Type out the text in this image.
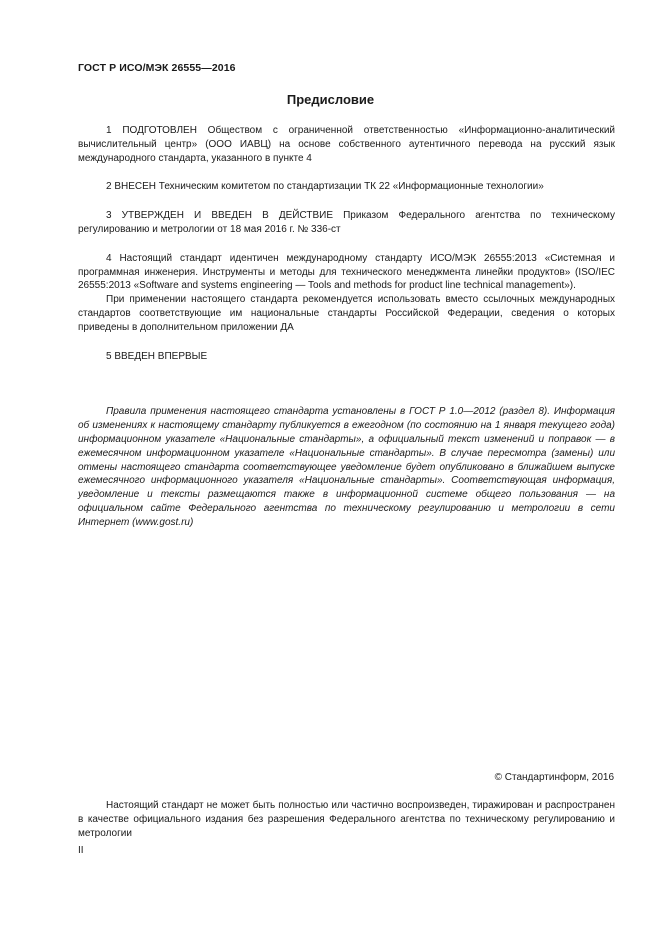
ГОСТ Р ИСО/МЭК 26555—2016
Предисловие

1 ПОДГОТОВЛЕН Обществом с ограниченной ответственностью «Информационно-аналитический вычислительный центр» (ООО ИАВЦ) на основе собственного аутентичного перевода на русский язык международного стандарта, указанного в пункте 4

2 ВНЕСЕН Техническим комитетом по стандартизации ТК 22 «Информационные технологии»

3 УТВЕРЖДЕН И ВВЕДЕН В ДЕЙСТВИЕ Приказом Федерального агентства по техническому регулированию и метрологии от 18 мая 2016 г. № 336-ст

4 Настоящий стандарт идентичен международному стандарту ИСО/МЭК 26555:2013 «Системная и программная инженерия. Инструменты и методы для технического менеджмента линейки продуктов» (ISO/IEC 26555:2013 «Software and systems engineering — Tools and methods for product line technical management»).

При применении настоящего стандарта рекомендуется использовать вместо ссылочных международных стандартов соответствующие им национальные стандарты Российской Федерации, сведения о которых приведены в дополнительном приложении ДА

5 ВВЕДЕН ВПЕРВЫЕ

Правила применения настоящего стандарта установлены в ГОСТ Р 1.0—2012 (раздел 8). Информация об изменениях к настоящему стандарту публикуется в ежегодном (по состоянию на 1 января текущего года) информационном указателе «Национальные стандарты», а официальный текст изменений и поправок — в ежемесячном информационном указателе «Национальные стандарты». В случае пересмотра (замены) или отмены настоящего стандарта соответствующее уведомление будет опубликовано в ближайшем выпуске ежемесячного информационного указателя «Национальные стандарты». Соответствующая информация, уведомление и тексты размещаются также в информационной системе общего пользования — на официальном сайте Федерального агентства по техническому регулированию и метрологии в сети Интернет (www.gost.ru)

© Стандартинформ, 2016

Настоящий стандарт не может быть полностью или частично воспроизведен, тиражирован и распространен в качестве официального издания без разрешения Федерального агентства по техническому регулированию и метрологии

II
